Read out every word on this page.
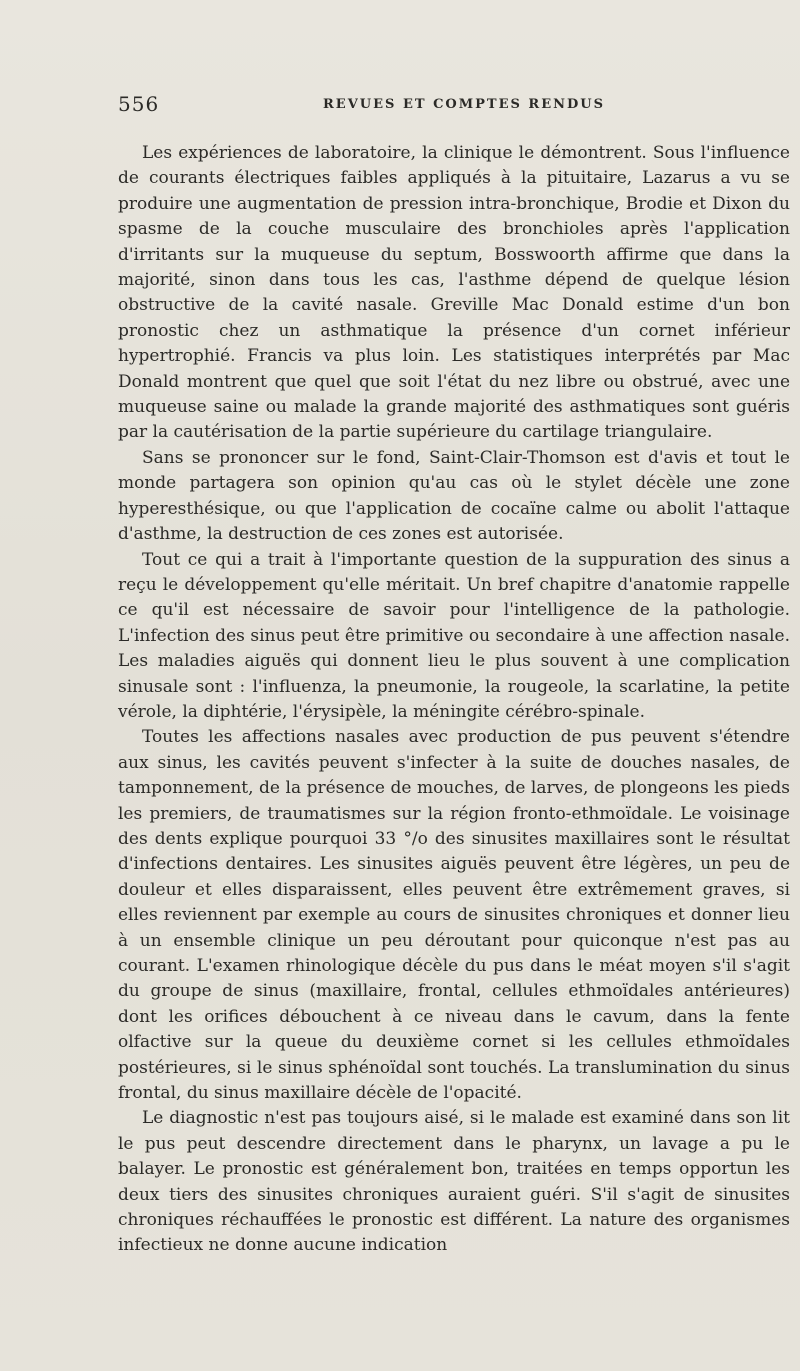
556	REVUES ET COMPTES RENDUS

Les expériences de laboratoire, la clinique le démontrent. Sous l'influence de courants électriques faibles appliqués à la pituitaire, Lazarus a vu se produire une augmentation de pression intra-bronchique, Brodie et Dixon du spasme de la couche musculaire des bronchioles après l'application d'irritants sur la muqueuse du septum, Bosswoorth affirme que dans la majorité, sinon dans tous les cas, l'asthme dépend de quelque lésion obstructive de la cavité nasale. Greville Mac Donald estime d'un bon pronostic chez un asthmatique la présence d'un cornet inférieur hypertrophié. Francis va plus loin. Les statistiques interprétés par Mac Donald montrent que quel que soit l'état du nez libre ou obstrué, avec une muqueuse saine ou malade la grande majorité des asthmatiques sont guéris par la cautérisation de la partie supérieure du cartilage triangulaire.

Sans se prononcer sur le fond, Saint-Clair-Thomson est d'avis et tout le monde partagera son opinion qu'au cas où le stylet décèle une zone hyperesthésique, ou que l'application de cocaïne calme ou abolit l'attaque d'asthme, la destruction de ces zones est autorisée.

Tout ce qui a trait à l'importante question de la suppuration des sinus a reçu le développement qu'elle méritait. Un bref chapitre d'anatomie rappelle ce qu'il est nécessaire de savoir pour l'intelligence de la pathologie. L'infection des sinus peut être primitive ou secondaire à une affection nasale. Les maladies aiguës qui donnent lieu le plus souvent à une complication sinusale sont : l'influenza, la pneumonie, la rougeole, la scarlatine, la petite vérole, la diphtérie, l'érysipèle, la méningite cérébro-spinale.

Toutes les affections nasales avec production de pus peuvent s'étendre aux sinus, les cavités peuvent s'infecter à la suite de douches nasales, de tamponnement, de la présence de mouches, de larves, de plongeons les pieds les premiers, de traumatismes sur la région fronto-ethmoïdale. Le voisinage des dents explique pourquoi 33 °/o des sinusites maxillaires sont le résultat d'infections dentaires. Les sinusites aiguës peuvent être légères, un peu de douleur et elles disparaissent, elles peuvent être extrêmement graves, si elles reviennent par exemple au cours de sinusites chroniques et donner lieu à un ensemble clinique un peu déroutant pour quiconque n'est pas au courant. L'examen rhinologique décèle du pus dans le méat moyen s'il s'agit du groupe de sinus (maxillaire, frontal, cellules ethmoïdales antérieures) dont les orifices débouchent à ce niveau dans le cavum, dans la fente olfactive sur la queue du deuxième cornet si les cellules ethmoïdales postérieures, si le sinus sphénoïdal sont touchés. La translumination du sinus frontal, du sinus maxillaire décèle de l'opacité.

Le diagnostic n'est pas toujours aisé, si le malade est examiné dans son lit le pus peut descendre directement dans le pharynx, un lavage a pu le balayer. Le pronostic est généralement bon, traitées en temps opportun les deux tiers des sinusites chroniques auraient guéri. S'il s'agit de sinusites chroniques réchauffées le pronostic est différent. La nature des organismes infectieux ne donne aucune indication
